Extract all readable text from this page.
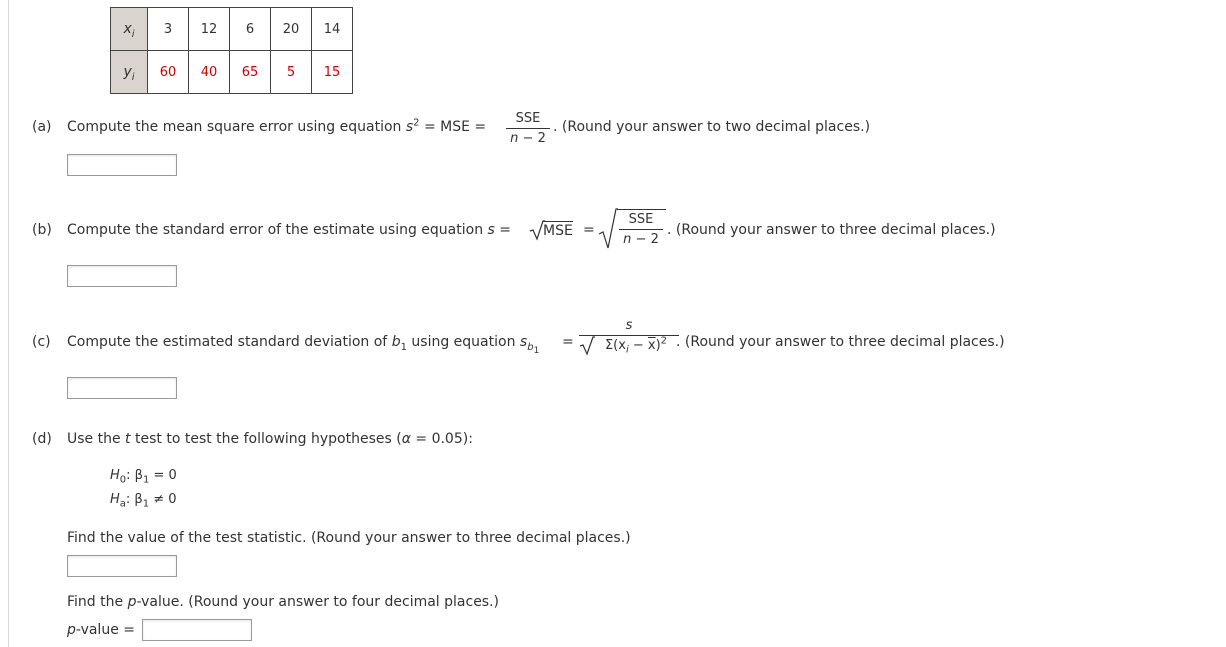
$x_i$	3	12	6	20	14
$y_i$	60	40	65	5	15
(a) Compute the mean square error using equation $s^2$ = MSE =
SSE
n − 2
. (Round your answer to two decimal places.)
(b) Compute the standard error of the estimate using equation s = MSE =
SSE
n − 2
. (Round your answer to three decimal places.)
(c) Compute the estimated standard deviation of $b_1$ using equation $s_{b_1}$
=
s
$\Sigma(x_i - \overline{x})^2$ . (Round your answer to three decimal places.)
(d) Use the t test to test the following hypotheses (α = 0.05):
$H_0$: $\beta_1 = 0$
$H_a$: $\beta_1 \ne 0$
Find the value of the test statistic. (Round your answer to three decimal places.)
Find the p-value. (Round your answer to four decimal places.)
p-value =
